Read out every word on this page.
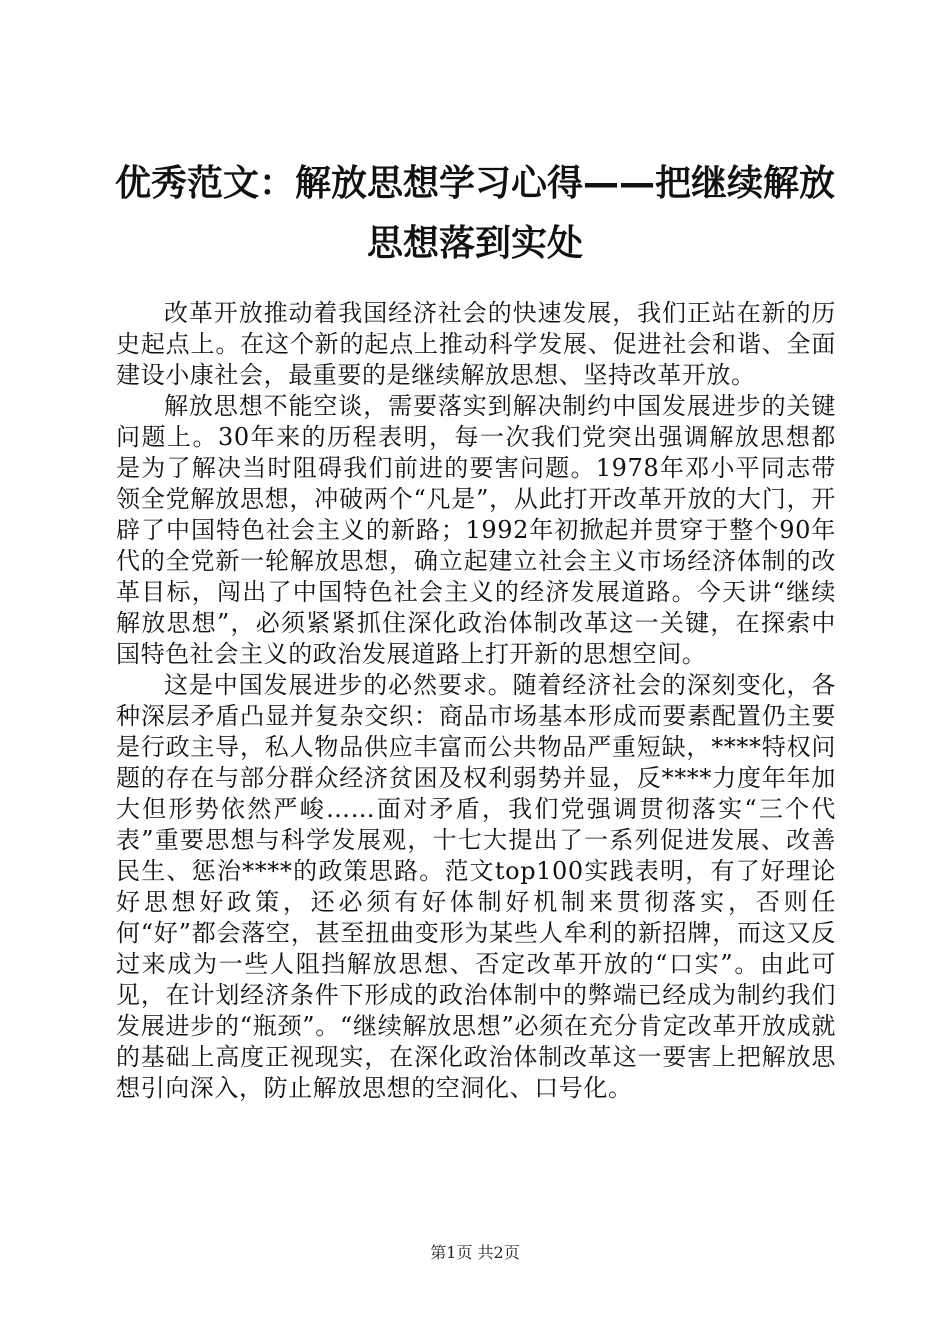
优秀范文：解放思想学习心得——把继续解放
思想落到实处

改革开放推动着我国经济社会的快速发展，我们正站在新的历史起点上。在这个新的起点上推动科学发展、促进社会和谐、全面建设小康社会，最重要的是继续解放思想、坚持改革开放。

解放思想不能空谈，需要落实到解决制约中国发展进步的关键问题上。30年来的历程表明，每一次我们党突出强调解放思想都是为了解决当时阻碍我们前进的要害问题。1978年邓小平同志带领全党解放思想，冲破两个“凡是”，从此打开改革开放的大门，开辟了中国特色社会主义的新路；1992年初掀起并贯穿于整个90年代的全党新一轮解放思想，确立起建立社会主义市场经济体制的改革目标，闯出了中国特色社会主义的经济发展道路。今天讲“继续解放思想”，必须紧紧抓住深化政治体制改革这一关键，在探索中国特色社会主义的政治发展道路上打开新的思想空间。

这是中国发展进步的必然要求。随着经济社会的深刻变化，各种深层矛盾凸显并复杂交织：商品市场基本形成而要素配置仍主要是行政主导，私人物品供应丰富而公共物品严重短缺，****特权问题的存在与部分群众经济贫困及权利弱势并显，反****力度年年加大但形势依然严峻……面对矛盾，我们党强调贯彻落实“三个代表”重要思想与科学发展观，十七大提出了一系列促进发展、改善民生、惩治****的政策思路。范文top100实践表明，有了好理论好思想好政策，还必须有好体制好机制来贯彻落实，否则任何“好”都会落空，甚至扭曲变形为某些人牟利的新招牌，而这又反过来成为一些人阻挡解放思想、否定改革开放的“口实”。由此可见，在计划经济条件下形成的政治体制中的弊端已经成为制约我们发展进步的“瓶颈”。“继续解放思想”必须在充分肯定改革开放成就的基础上高度正视现实，在深化政治体制改革这一要害上把解放思想引向深入，防止解放思想的空洞化、口号化。

第1页 共2页
